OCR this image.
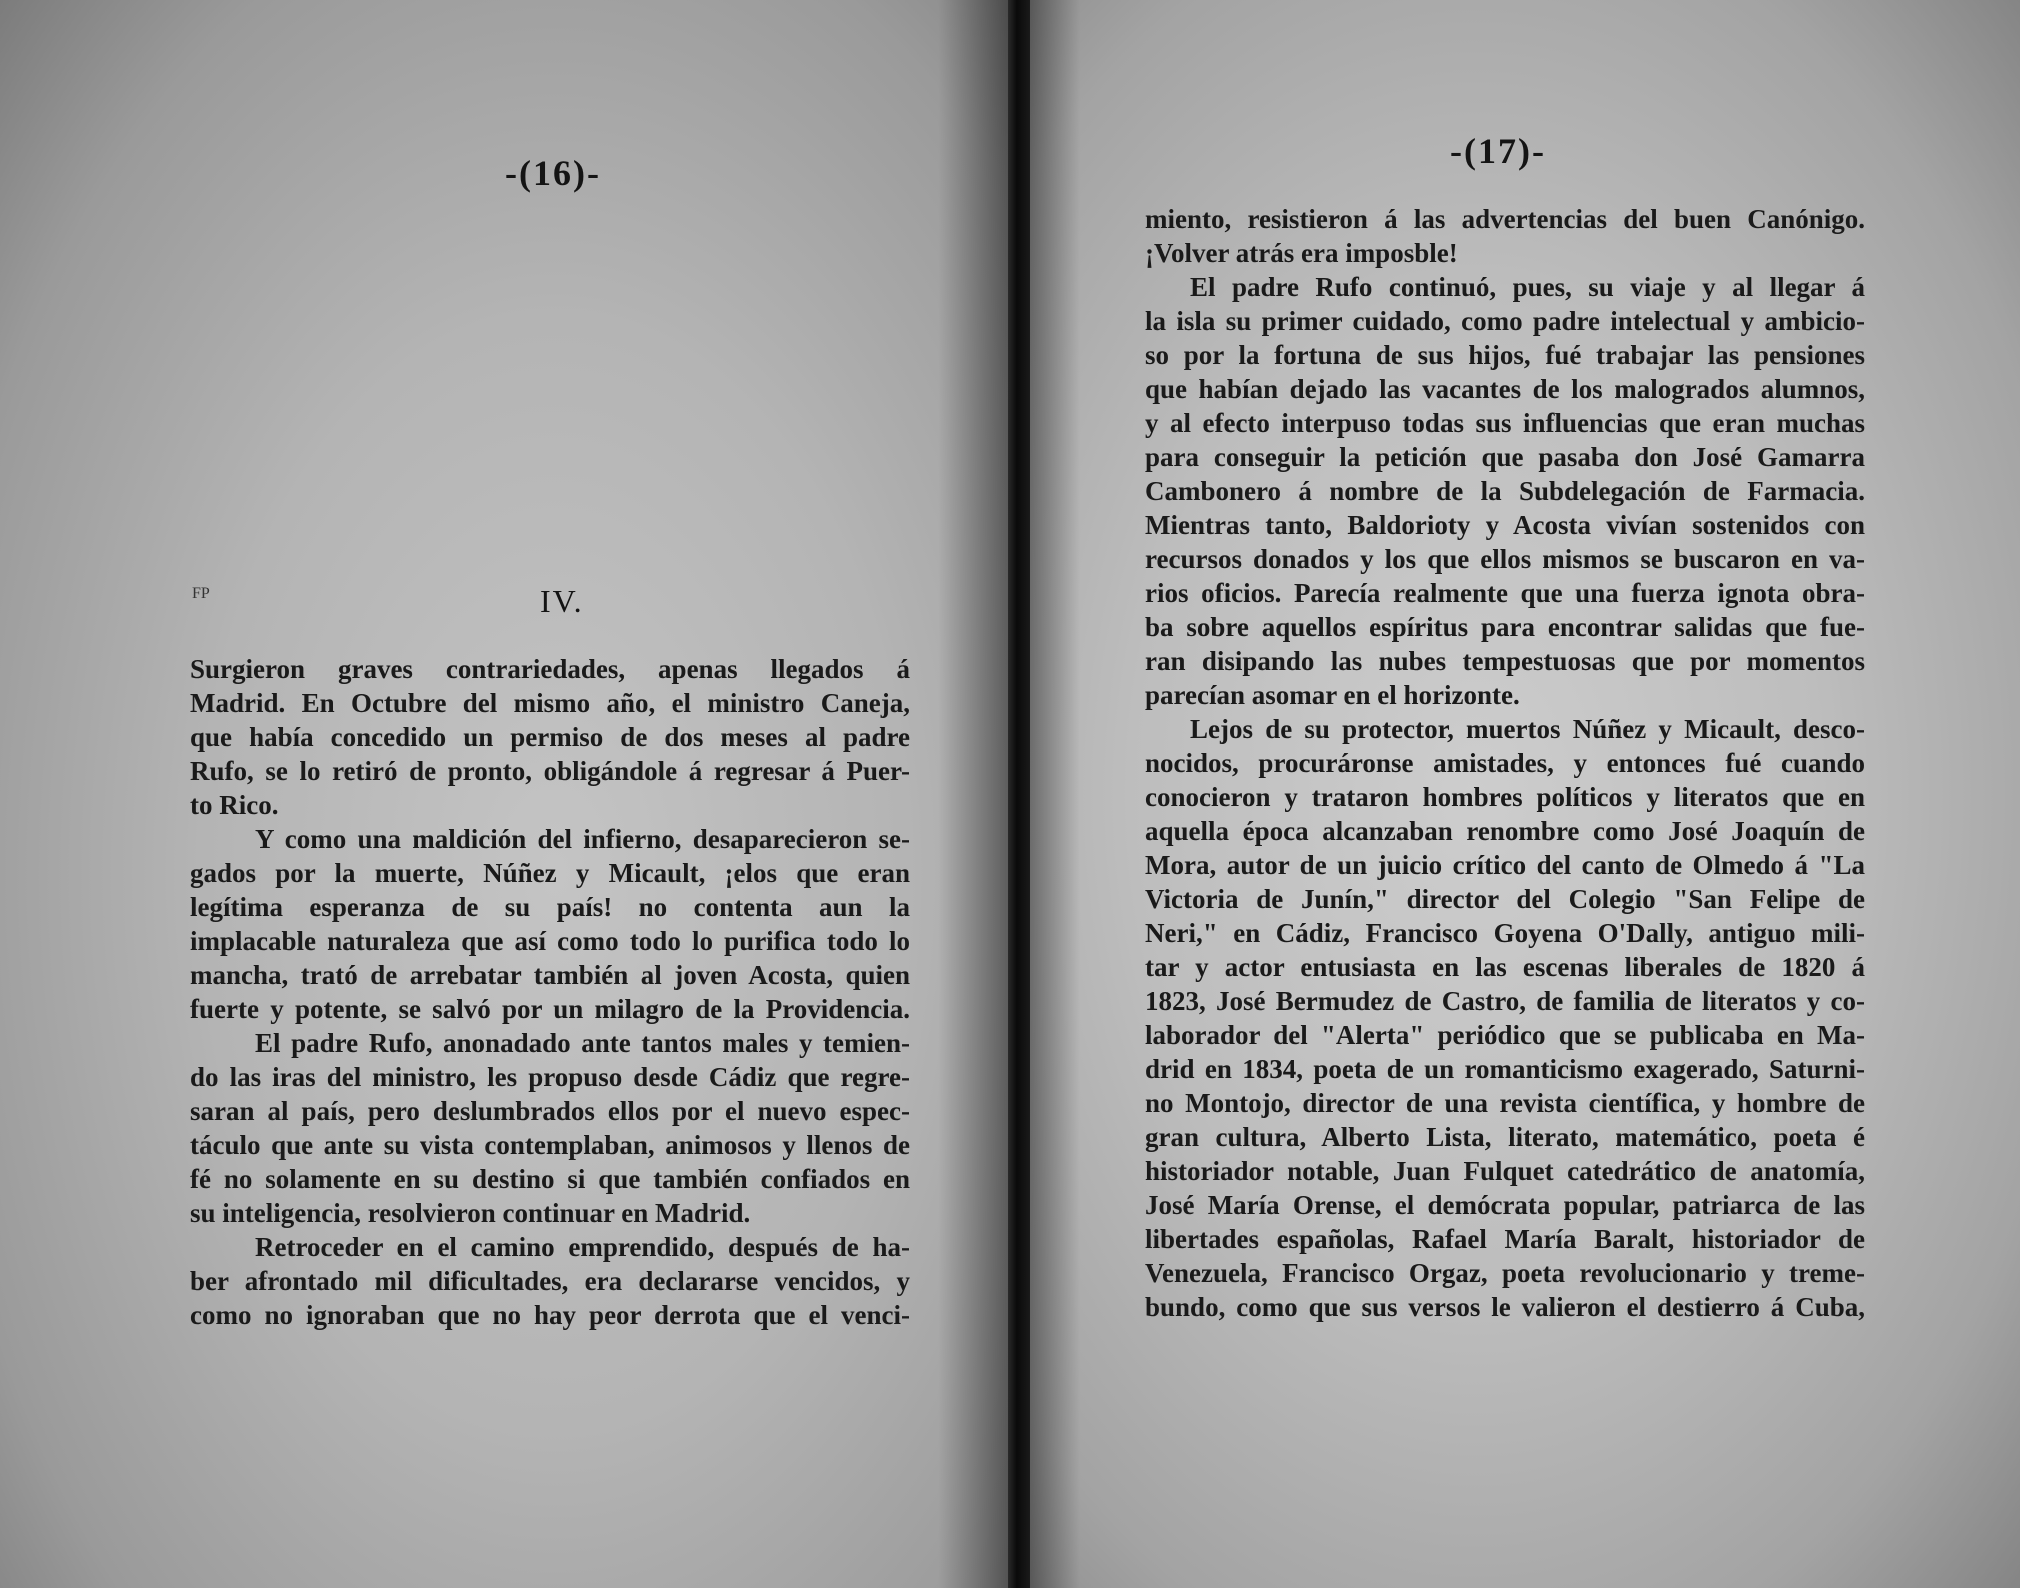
-(16)-
FP	IV.
Surgieron graves contrariedades, apenas llegados á
Madrid. En Octubre del mismo año, el ministro Caneja,
que había concedido un permiso de dos meses al padre
Rufo, se lo retiró de pronto, obligándole á regresar á Puer-
to Rico.
Y como una maldición del infierno, desaparecieron se-
gados por la muerte, Núñez y Micault, ¡elos que eran
legítima esperanza de su país! no contenta aun la
implacable naturaleza que así como todo lo purifica todo lo
mancha, trató de arrebatar también al joven Acosta, quien
fuerte y potente, se salvó por un milagro de la Providencia.
El padre Rufo, anonadado ante tantos males y temien-
do las iras del ministro, les propuso desde Cádiz que regre-
saran al país, pero deslumbrados ellos por el nuevo espec-
táculo que ante su vista contemplaban, animosos y llenos de
fé no solamente en su destino si que también confiados en
su inteligencia, resolvieron continuar en Madrid.
Retroceder en el camino emprendido, después de ha-
ber afrontado mil dificultades, era declararse vencidos, y
como no ignoraban que no hay peor derrota que el venci-
-(17)-
miento, resistieron á las advertencias del buen Canónigo.
¡Volver atrás era imposble!
El padre Rufo continuó, pues, su viaje y al llegar á
la isla su primer cuidado, como padre intelectual y ambicio-
so por la fortuna de sus hijos, fué trabajar las pensiones
que habían dejado las vacantes de los malogrados alumnos,
y al efecto interpuso todas sus influencias que eran muchas
para conseguir la petición que pasaba don José Gamarra
Cambonero á nombre de la Subdelegación de Farmacia.
Mientras tanto, Baldorioty y Acosta vivían sostenidos con
recursos donados y los que ellos mismos se buscaron en va-
rios oficios. Parecía realmente que una fuerza ignota obra-
ba sobre aquellos espíritus para encontrar salidas que fue-
ran disipando las nubes tempestuosas que por momentos
parecían asomar en el horizonte.
Lejos de su protector, muertos Núñez y Micault, desco-
nocidos, procuráronse amistades, y entonces fué cuando
conocieron y trataron hombres políticos y literatos que en
aquella época alcanzaban renombre como José Joaquín de
Mora, autor de un juicio crítico del canto de Olmedo á "La
Victoria de Junín," director del Colegio "San Felipe de
Neri," en Cádiz, Francisco Goyena O'Dally, antiguo mili-
tar y actor entusiasta en las escenas liberales de 1820 á
1823, José Bermudez de Castro, de familia de literatos y co-
laborador del "Alerta" periódico que se publicaba en Ma-
drid en 1834, poeta de un romanticismo exagerado, Saturni-
no Montojo, director de una revista científica, y hombre de
gran cultura, Alberto Lista, literato, matemático, poeta é
historiador notable, Juan Fulquet catedrático de anatomía,
José María Orense, el demócrata popular, patriarca de las
libertades españolas, Rafael María Baralt, historiador de
Venezuela, Francisco Orgaz, poeta revolucionario y treme-
bundo, como que sus versos le valieron el destierro á Cuba,
